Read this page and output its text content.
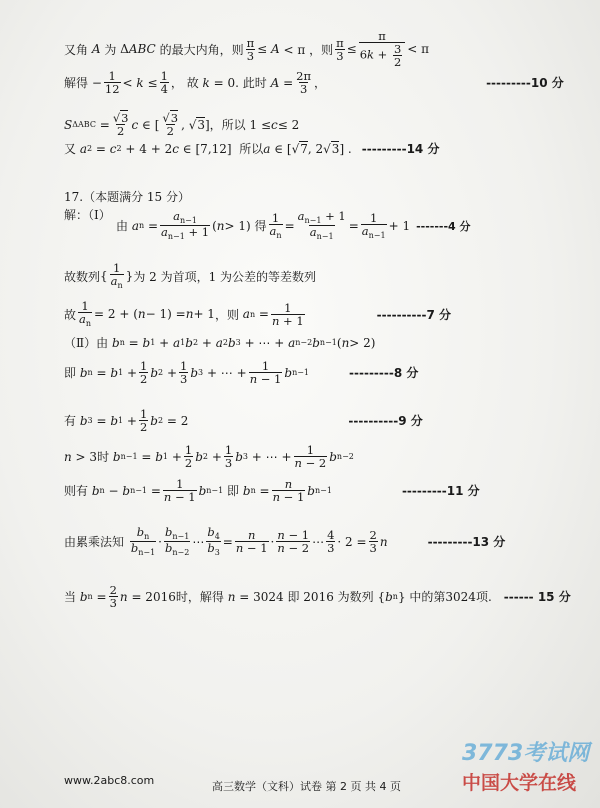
又角
A
为 Δ ABC
的最大内角，则 $\frac{\pi}{3} \le A < \pi$ ，则 $\frac{\pi}{3} \le \frac{\pi}{6k + \frac{3}{2}} < \pi$
解得 − $\frac{1}{12} < k \le \frac{1}{4}$ ， 故
k = 0 . 此时
$A = \frac{2\pi}{3}$ ，	---------10 分
S $\Delta ABC = \frac{√3}{2}$ c ∈ [ $\frac{√3}{2}$ , √ 3 ] ，所以 1 ≤ c ≤ 2
又
a 2 = c 2 + 4 + 2 c ∈ [7,12] 所以 a ∈ [√ 7 , 2√ 3 ] . ---------14 分
17.（本题满分 15 分）
解：（Ⅰ）
由
a $n = \frac{a_{n-1}}{a_{n-1} + 1}$ ( n > 1) 得 $\frac{1}{a_n} = \frac{a_{n-1} + 1}{a_{n-1}} = \frac{1}{a_{n-1}} + 1$ -------4 分
故数列 { $\frac{1}{a_n}$ } 为 2 为首项，1 为公差的等差数列
故 $\frac{1}{a_n} = 2$ + ( n − 1) = n + 1 ，则
a $n = \frac{1}{n + 1}$	----------7 分
（Ⅱ）由
b n = b 1 + a 1 b 2 + a 2 b 3 + ⋯ + a n−2 b n−1 ( n > 2)
即
b n = b $1 + \frac{1}{2}$ b $2 + \frac{1}{3}$ b 3 + ⋯ + $\frac{1}{n - 1}$ b n−1	---------8 分
有
b 3 = b $1 + \frac{1}{2}$ b 2 = 2	----------9 分
n > 3 时
b n−1 = b $1 + \frac{1}{2}$ b $2 + \frac{1}{3}$ b 3 + ⋯ + $\frac{1}{n - 2}$ b n−2
则有
b n − b $n-1 = \frac{1}{n - 1}$ b n−1
即
b $n = \frac{n}{n - 1}$ b n−1	---------11 分
由累乘法知
$\frac{b_n}{b_{n-1}} \cdot \frac{b_{n-1}}{b_{n-2}}$ ⋯ $\frac{b_4}{b_3} = \frac{n}{n - 1} \cdot \frac{n - 1}{n - 2}$ ⋯ $\frac{4}{3} \cdot 2 = \frac{2}{3}$ n	---------13 分
当
b $n = \frac{2}{3}$ n = 2016 时，解得
n = 3024 即 2016 为数列 { b n } 中的第3024项. ------ 15 分
www.2abc8.com	高三数学（文科）试卷 第 2 页 共 4 页
3773考试网
中国大学在线
